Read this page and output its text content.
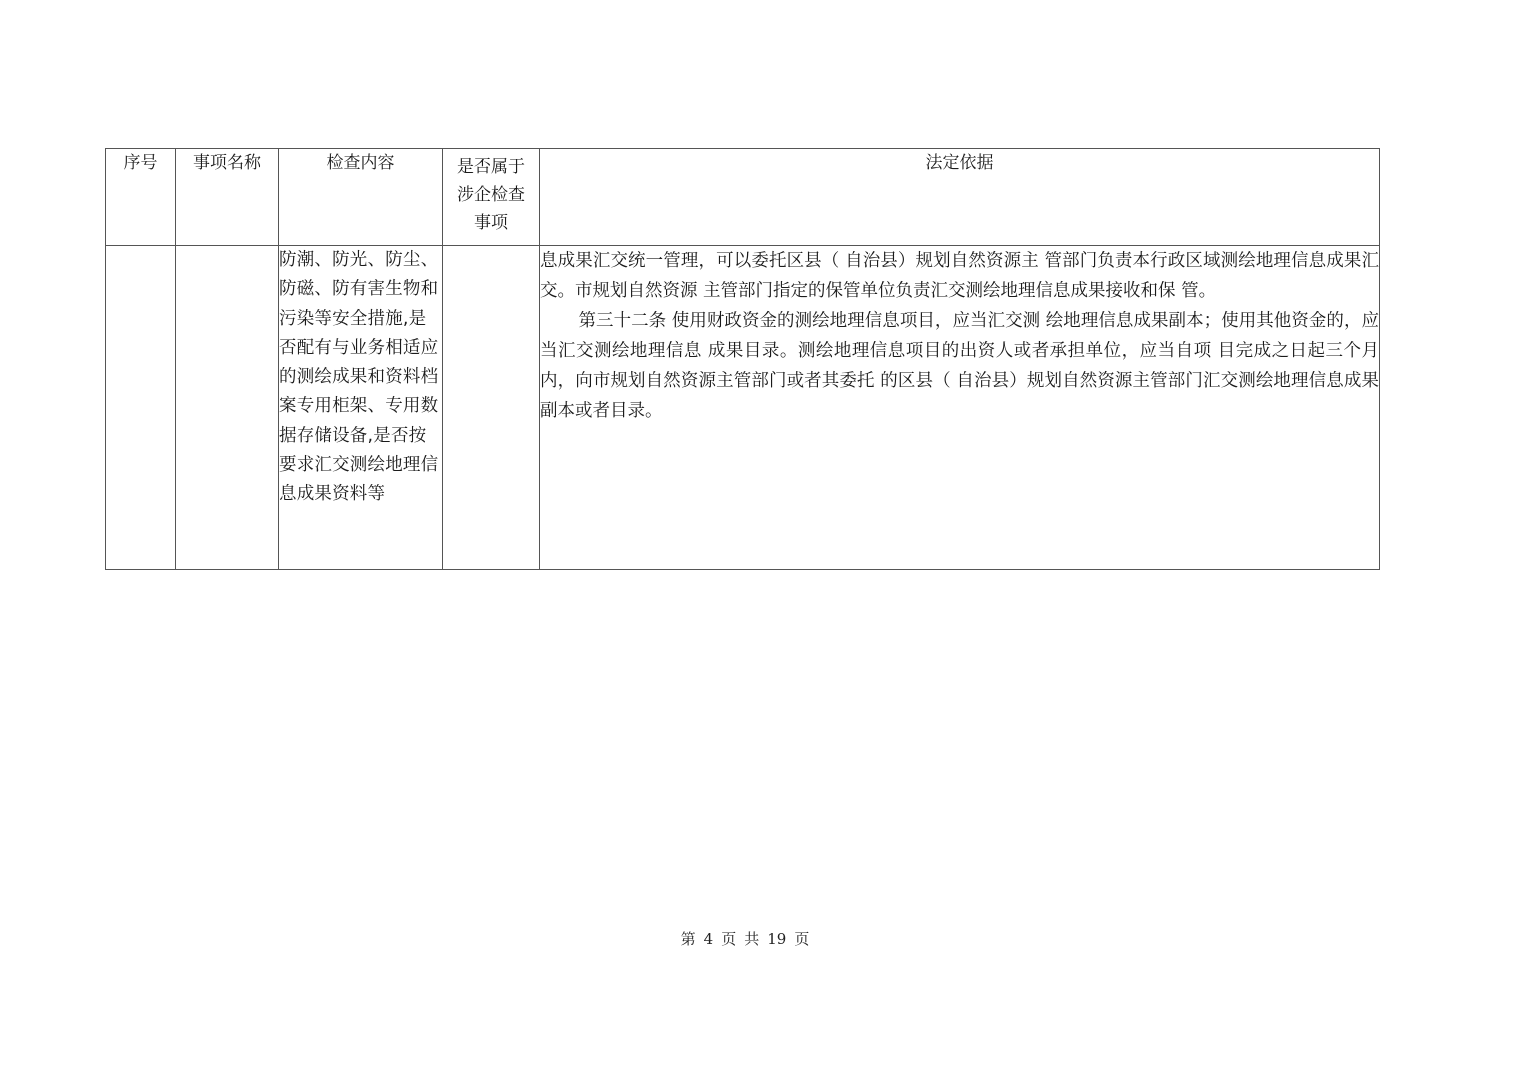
序号	事项名称	检查内容	是否属于
涉企检查
事项	法定依据

		防潮、防光、防尘、防磁、防有害生物和污染等安全措施,是否配有与业务相适应的测绘成果和资料档案专用柜架、专用数据存储设备,是否按要求汇交测绘地理信息成果资料等		息成果汇交统一管理，可以委托区县（ 自治县）规划自然资源主 管部门负责本行政区域测绘地理信息成果汇交。市规划自然资源 主管部门指定的保管单位负责汇交测绘地理信息成果接收和保 管。

第三十二条 使用财政资金的测绘地理信息项目，应当汇交测 绘地理信息成果副本；使用其他资金的，应当汇交测绘地理信息 成果目录。测绘地理信息项目的出资人或者承担单位，应当自项 目完成之日起三个月内，向市规划自然资源主管部门或者其委托 的区县（ 自治县）规划自然资源主管部门汇交测绘地理信息成果 副本或者目录。

第 4 页 共 19 页
